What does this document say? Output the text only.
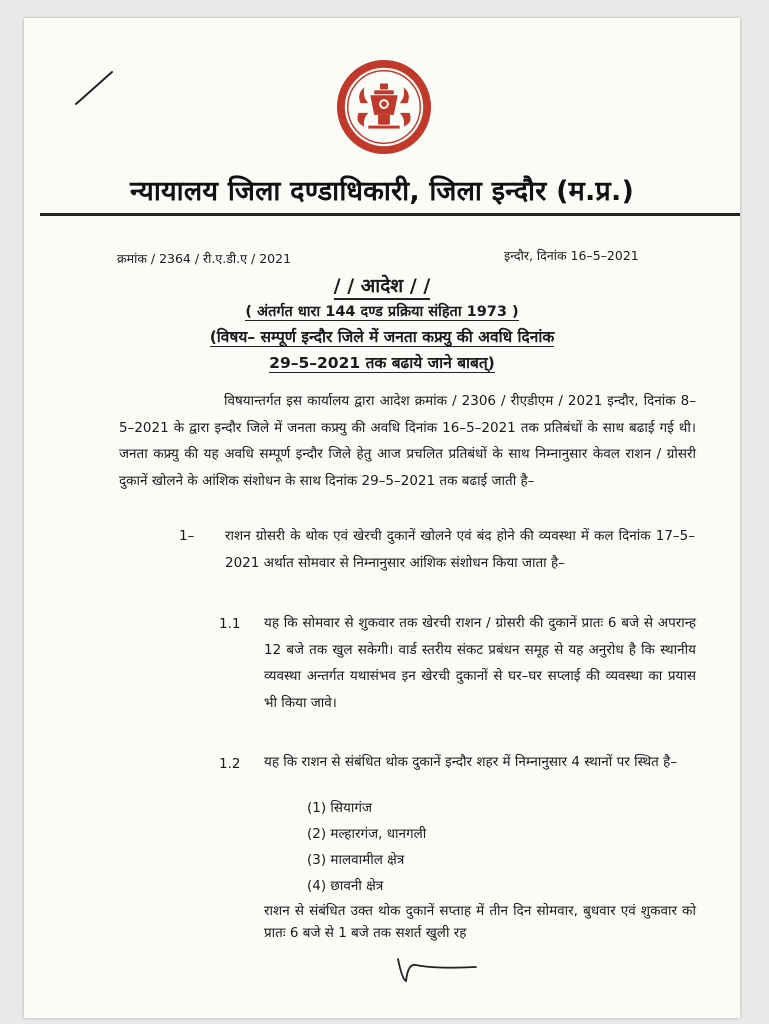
न्यायालय जिला दण्डाधिकारी, जिला इन्दौर (म.प्र.)
क्रमांक / 2364 / री.ए.डी.ए / 2021	इन्दौर, दिनांक 16–5–2021
/ / आदेश / /
( अंतर्गत धारा 144 दण्ड प्रक्रिया संहिता 1973 )
(विषय– सम्पूर्ण इन्दौर जिले में जनता कफ्र्यु की अवधि दिनांक
29–5–2021 तक बढाये जाने बाबत्)
विषयान्तर्गत इस कार्यालय द्वारा आदेश क्रमांक / 2306 / रीएडीएम / 2021 इन्दौर, दिनांक 8–5–2021 के द्वारा इन्दौर जिले में जनता कफ्र्यु की अवधि दिनांक 16–5–2021 तक प्रतिबंधों के साथ बढाई गई थी। जनता कफ्र्यु की यह अवधि सम्पूर्ण इन्दौर जिले हेतु आज प्रचलित प्रतिबंधों के साथ निम्नानुसार केवल राशन / ग्रोसरी दुकानें खोलने के आंशिक संशोधन के साथ दिनांक 29–5–2021 तक बढाई जाती है–
1– राशन ग्रोसरी के थोक एवं खेरची दुकानें खोलने एवं बंद होने की व्यवस्था में कल दिनांक 17–5–2021 अर्थात सोमवार से निम्नानुसार आंशिक संशोधन किया जाता है–
1.1 यह कि सोमवार से शुकवार तक खेरची राशन / ग्रोसरी की दुकानें प्रातः 6 बजे से अपरान्ह 12 बजे तक खुल सकेगी। वार्ड स्तरीय संकट प्रबंधन समूह से यह अनुरोध है कि स्थानीय व्यवस्था अन्तर्गत यथासंभव इन खेरची दुकानों से घर–घर सप्लाई की व्यवस्था का प्रयास भी किया जावे।
1.2 यह कि राशन से संबंधित थोक दुकानें इन्दौर शहर में निम्नानुसार 4 स्थानों पर स्थित है–
(1) सियागंज
(2) मल्हारगंज, धानगली
(3) मालवामील क्षेत्र
(4) छावनी क्षेत्र
राशन से संबंधित उक्त थोक दुकानें सप्ताह में तीन दिन सोमवार, बुधवार एवं शुकवार को प्रातः 6 बजे से 1 बजे तक सशर्त खुली रह
